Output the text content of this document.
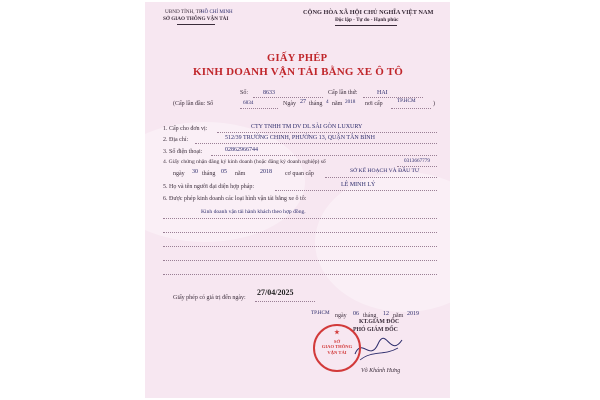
UBND TỈNH, TP HỒ CHÍ MINH
SỞ GIAO THÔNG VẬN TẢI
CỘNG HÒA XÃ HỘI CHỦ NGHĨA VIỆT NAM
Độc lập - Tự do - Hạnh phúc
GIẤY PHÉP
KINH DOANH VẬN TẢI BẰNG XE Ô TÔ
Số: 8633	Cấp lần thứ:	HAI
(Cấp lần đầu: Số	6834	Ngày 27 tháng 4 năm 2018 nơi cấp	TP.HCM	)
1. Cấp cho đơn vị:	CTY TNHH TM DV DL SÀI GÒN LUXURY
2. Địa chỉ:	512/39 TRƯỜNG CHINH, PHƯỜNG 13, QUẬN TÂN BÌNH
3. Số điện thoại:	02862966744
4. Giấy chứng nhận đăng ký kinh doanh (hoặc đăng ký doanh nghiệp) số	0313667779
ngày 30 tháng 05 năm 2018 cơ quan cấp	SỞ KẾ HOẠCH VÀ ĐẦU TƯ
5. Họ và tên người đại diện hợp pháp:	LÊ MINH LÝ
6. Được phép kinh doanh các loại hình vận tải bằng xe ô tô:
Kinh doanh vận tải hành khách theo hợp đồng.
Giấy phép có giá trị đến ngày:
27/04/2025
TP.HCM ngày 06 tháng 12 năm 2019
KT.GIÁM ĐỐC
PHÓ GIÁM ĐỐC
Võ Khánh Hưng
★
SỞ
GIAO THÔNG
VẬN TẢI
